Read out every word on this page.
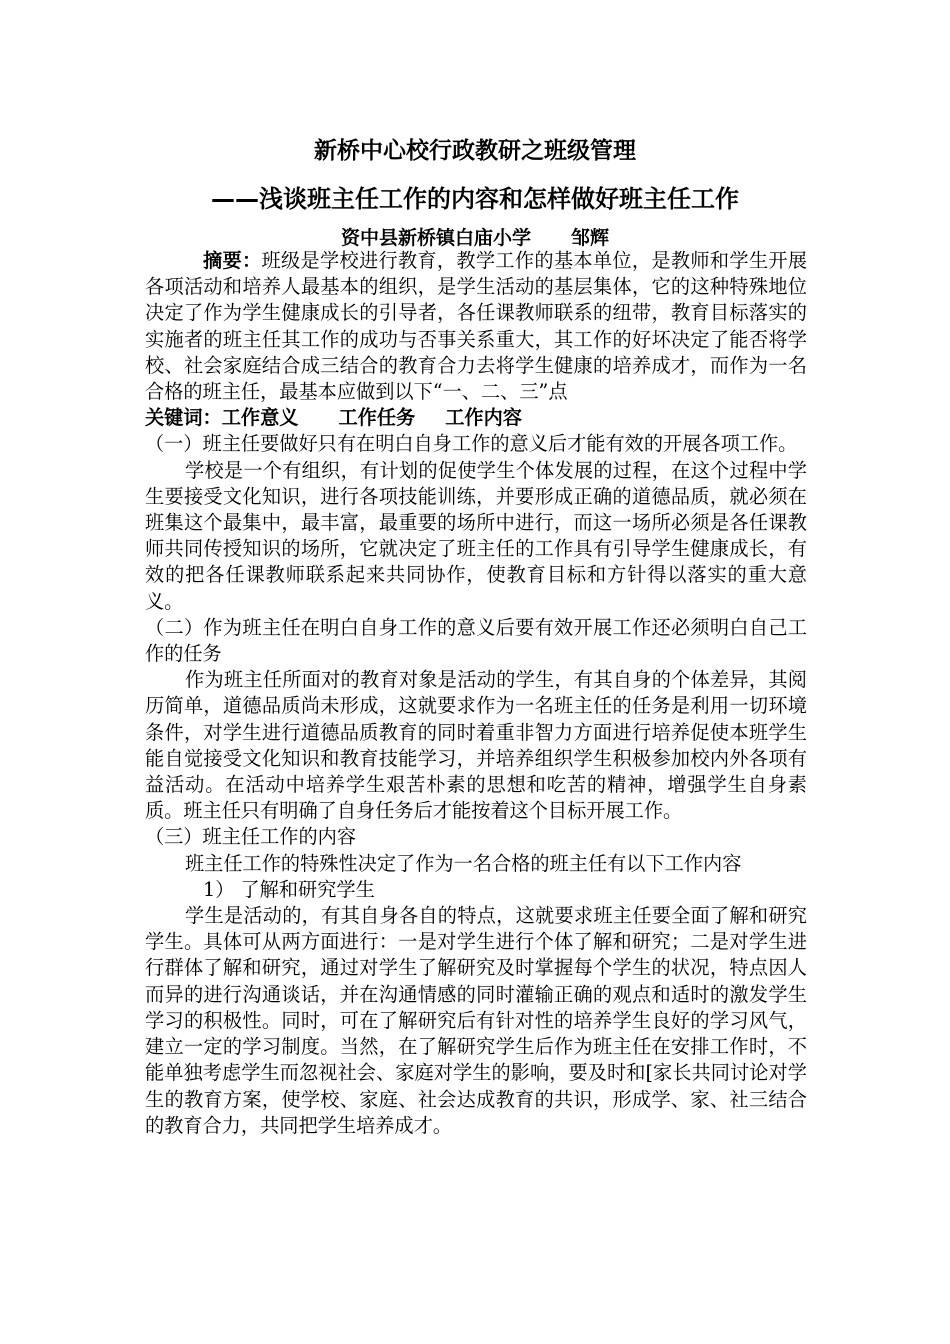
新桥中心校行政教研之班级管理
——浅谈班主任工作的内容和怎样做好班主任工作
资中县新桥镇白庙小学 邹辉

摘要：班级是学校进行教育，教学工作的基本单位，是教师和学生开展各项活动和培养人最基本的组织，是学生活动的基层集体，它的这种特殊地位决定了作为学生健康成长的引导者，各任课教师联系的纽带，教育目标落实的实施者的班主任其工作的成功与否事关系重大，其工作的好坏决定了能否将学校、社会家庭结合成三结合的教育合力去将学生健康的培养成才，而作为一名合格的班主任，最基本应做到以下“一、二、三”点

关键词：工作意义 工作任务 工作内容

（一）班主任要做好只有在明白自身工作的意义后才能有效的开展各项工作。

学校是一个有组织，有计划的促使学生个体发展的过程，在这个过程中学生要接受文化知识，进行各项技能训练，并要形成正确的道德品质，就必须在班集这个最集中，最丰富，最重要的场所中进行，而这一场所必须是各任课教师共同传授知识的场所，它就决定了班主任的工作具有引导学生健康成长，有效的把各任课教师联系起来共同协作，使教育目标和方针得以落实的重大意义。

（二）作为班主任在明白自身工作的意义后要有效开展工作还必须明白自己工作的任务

作为班主任所面对的教育对象是活动的学生，有其自身的个体差异，其阅历简单，道德品质尚未形成，这就要求作为一名班主任的任务是利用一切环境条件，对学生进行道德品质教育的同时着重非智力方面进行培养促使本班学生能自觉接受文化知识和教育技能学习，并培养组织学生积极参加校内外各项有益活动。在活动中培养学生艰苦朴素的思想和吃苦的精神，增强学生自身素质。班主任只有明确了自身任务后才能按着这个目标开展工作。

（三）班主任工作的内容

班主任工作的特殊性决定了作为一名合格的班主任有以下工作内容

1） 了解和研究学生

学生是活动的，有其自身各自的特点，这就要求班主任要全面了解和研究学生。具体可从两方面进行：一是对学生进行个体了解和研究；二是对学生进行群体了解和研究，通过对学生了解研究及时掌握每个学生的状况，特点因人而异的进行沟通谈话，并在沟通情感的同时灌输正确的观点和适时的激发学生学习的积极性。同时，可在了解研究后有针对性的培养学生良好的学习风气，建立一定的学习制度。当然，在了解研究学生后作为班主任在安排工作时，不能单独考虑学生而忽视社会、家庭对学生的影响，要及时和[家长共同讨论对学生的教育方案，使学校、家庭、社会达成教育的共识，形成学、家、社三结合的教育合力，共同把学生培养成才。
